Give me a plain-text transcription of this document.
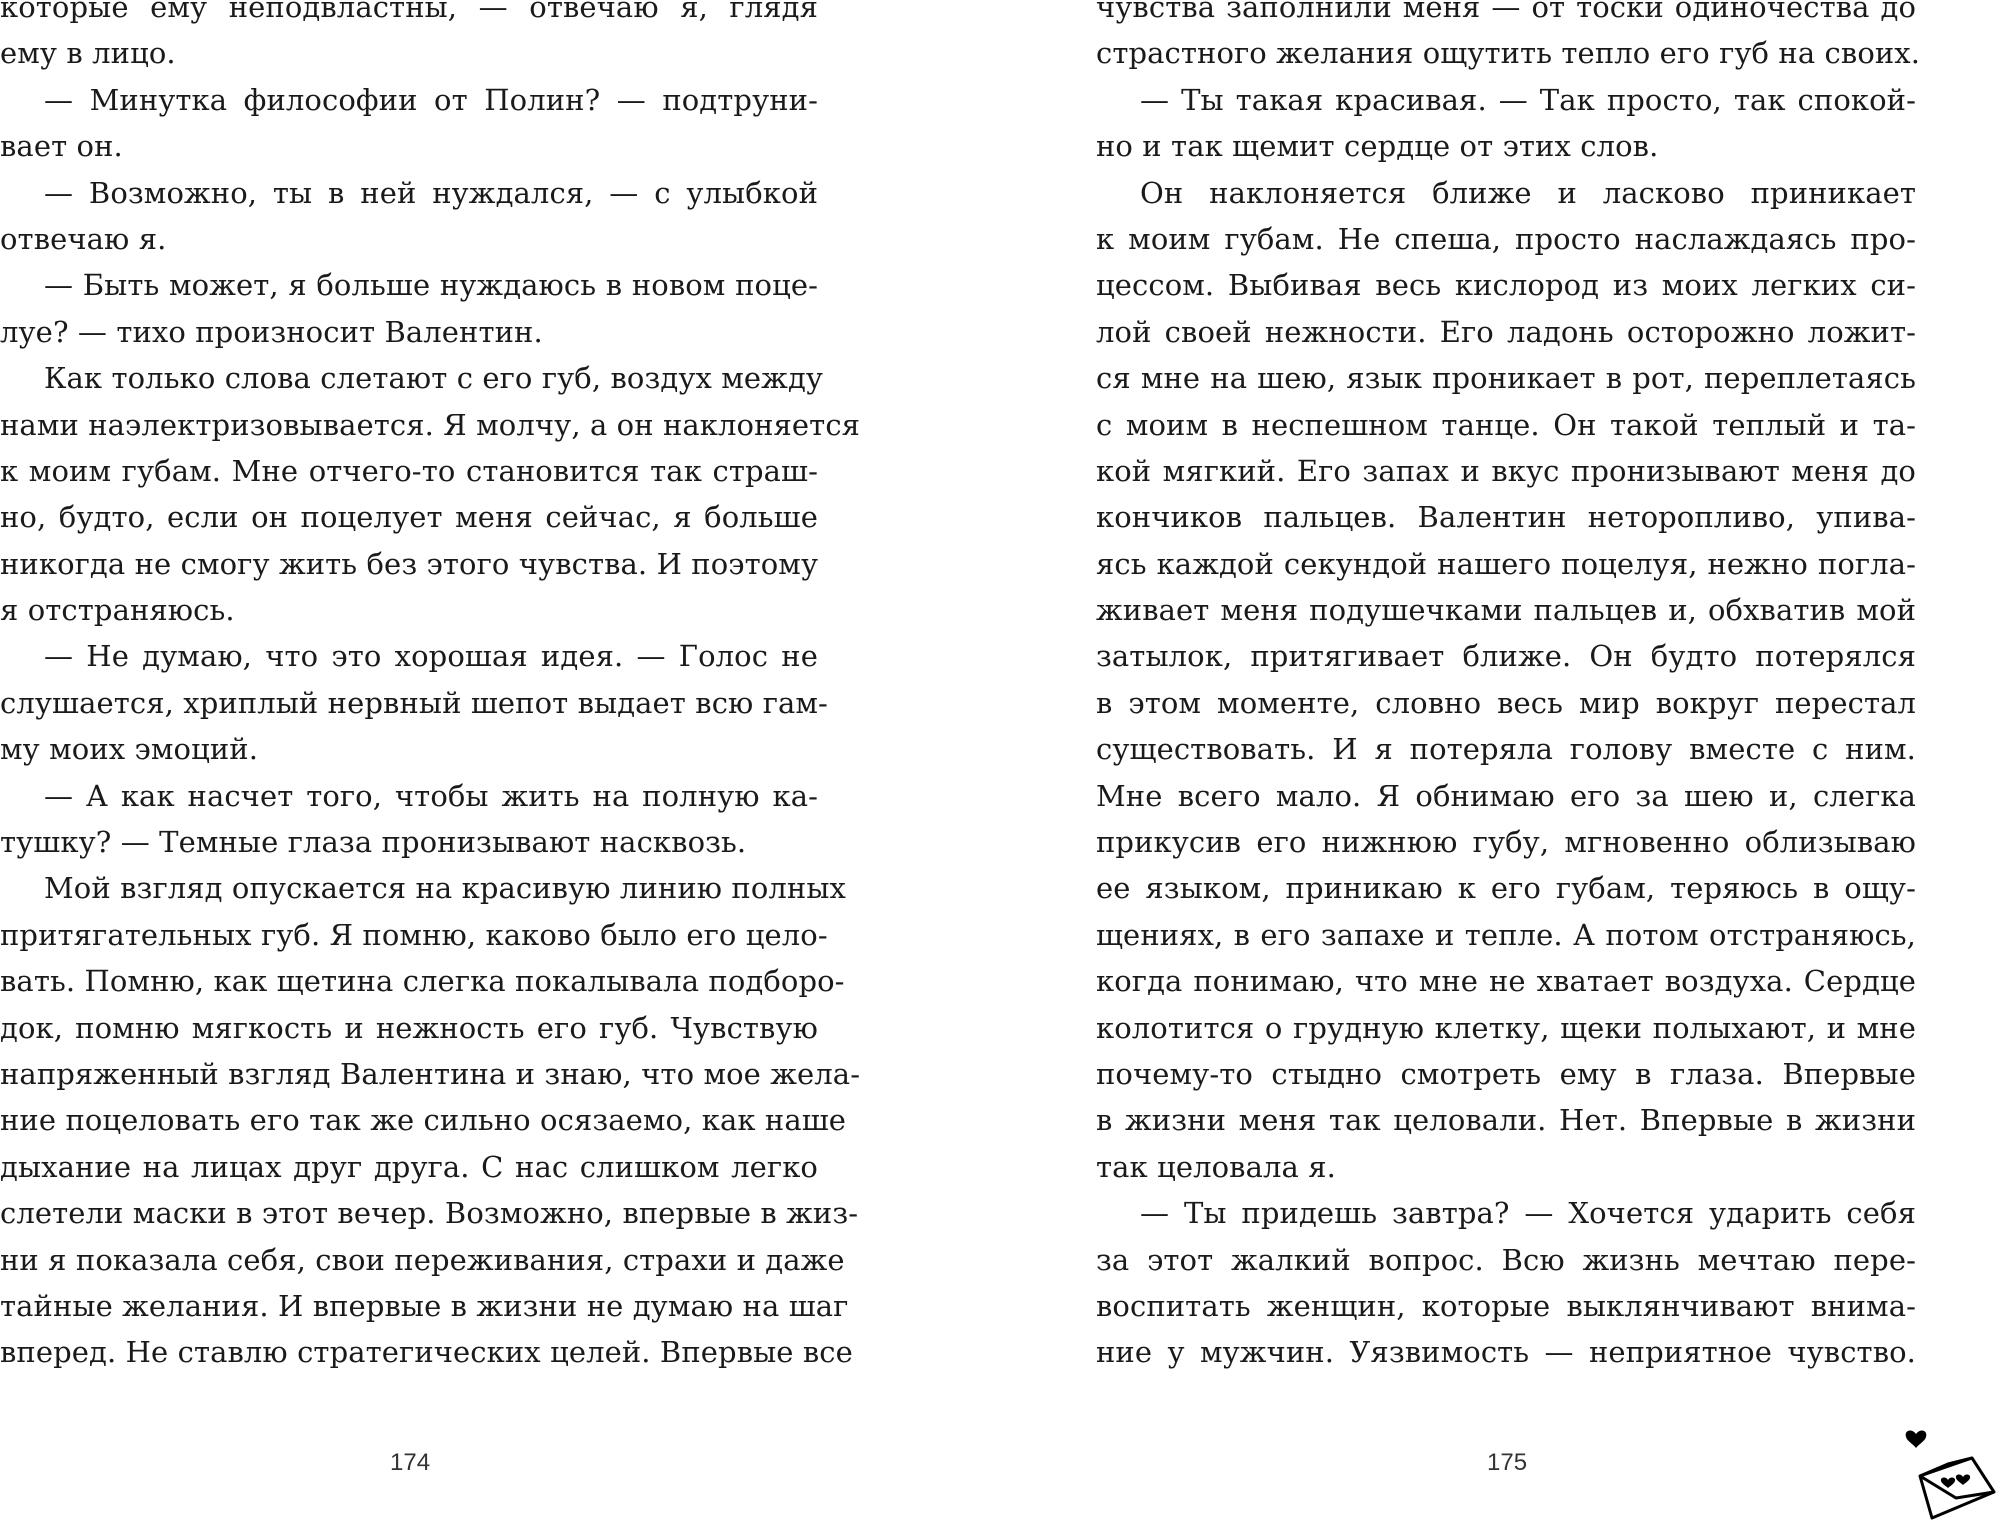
которые ему неподвластны, — отвечаю я, глядя
ему в лицо.
— Минутка философии от Полин? — подтруни-
вает он.
— Возможно, ты в ней нуждался, — с улыбкой
отвечаю я.
— Быть может, я больше нуждаюсь в новом поце-
луе? — тихо произносит Валентин.
Как только слова слетают с его губ, воздух между
нами наэлектризовывается. Я молчу, а он наклоняется
к моим губам. Мне отчего-то становится так страш-
но, будто, если он поцелует меня сейчас, я больше
никогда не смогу жить без этого чувства. И поэтому
я отстраняюсь.
— Не думаю, что это хорошая идея. — Голос не
слушается, хриплый нервный шепот выдает всю гам-
му моих эмоций.
— А как насчет того, чтобы жить на полную ка-
тушку? — Темные глаза пронизывают насквозь.
Мой взгляд опускается на красивую линию полных
притягательных губ. Я помню, каково было его цело-
вать. Помню, как щетина слегка покалывала подборо-
док, помню мягкость и нежность его губ. Чувствую
напряженный взгляд Валентина и знаю, что мое жела-
ние поцеловать его так же сильно осязаемо, как наше
дыхание на лицах друг друга. С нас слишком легко
слетели маски в этот вечер. Возможно, впервые в жиз-
ни я показала себя, свои переживания, страхи и даже
тайные желания. И впервые в жизни не думаю на шаг
вперед. Не ставлю стратегических целей. Впервые все
чувства заполнили меня — от тоски одиночества до
страстного желания ощутить тепло его губ на своих.
— Ты такая красивая. — Так просто, так спокой-
но и так щемит сердце от этих слов.
Он наклоняется ближе и ласково приникает
к моим губам. Не спеша, просто наслаждаясь про-
цессом. Выбивая весь кислород из моих легких си-
лой своей нежности. Его ладонь осторожно ложит-
ся мне на шею, язык проникает в рот, переплетаясь
с моим в неспешном танце. Он такой теплый и та-
кой мягкий. Его запах и вкус пронизывают меня до
кончиков пальцев. Валентин неторопливо, упива-
ясь каждой секундой нашего поцелуя, нежно погла-
живает меня подушечками пальцев и, обхватив мой
затылок, притягивает ближе. Он будто потерялся
в этом моменте, словно весь мир вокруг перестал
существовать. И я потеряла голову вместе с ним.
Мне всего мало. Я обнимаю его за шею и, слегка
прикусив его нижнюю губу, мгновенно облизываю
ее языком, приникаю к его губам, теряюсь в ощу-
щениях, в его запахе и тепле. А потом отстраняюсь,
когда понимаю, что мне не хватает воздуха. Сердце
колотится о грудную клетку, щеки полыхают, и мне
почему-то стыдно смотреть ему в глаза. Впервые
в жизни меня так целовали. Нет. Впервые в жизни
так целовала я.
— Ты придешь завтра? — Хочется ударить себя
за этот жалкий вопрос. Всю жизнь мечтаю пере-
воспитать женщин, которые выклянчивают внима-
ние у мужчин. Уязвимость — неприятное чувство.
174	175
